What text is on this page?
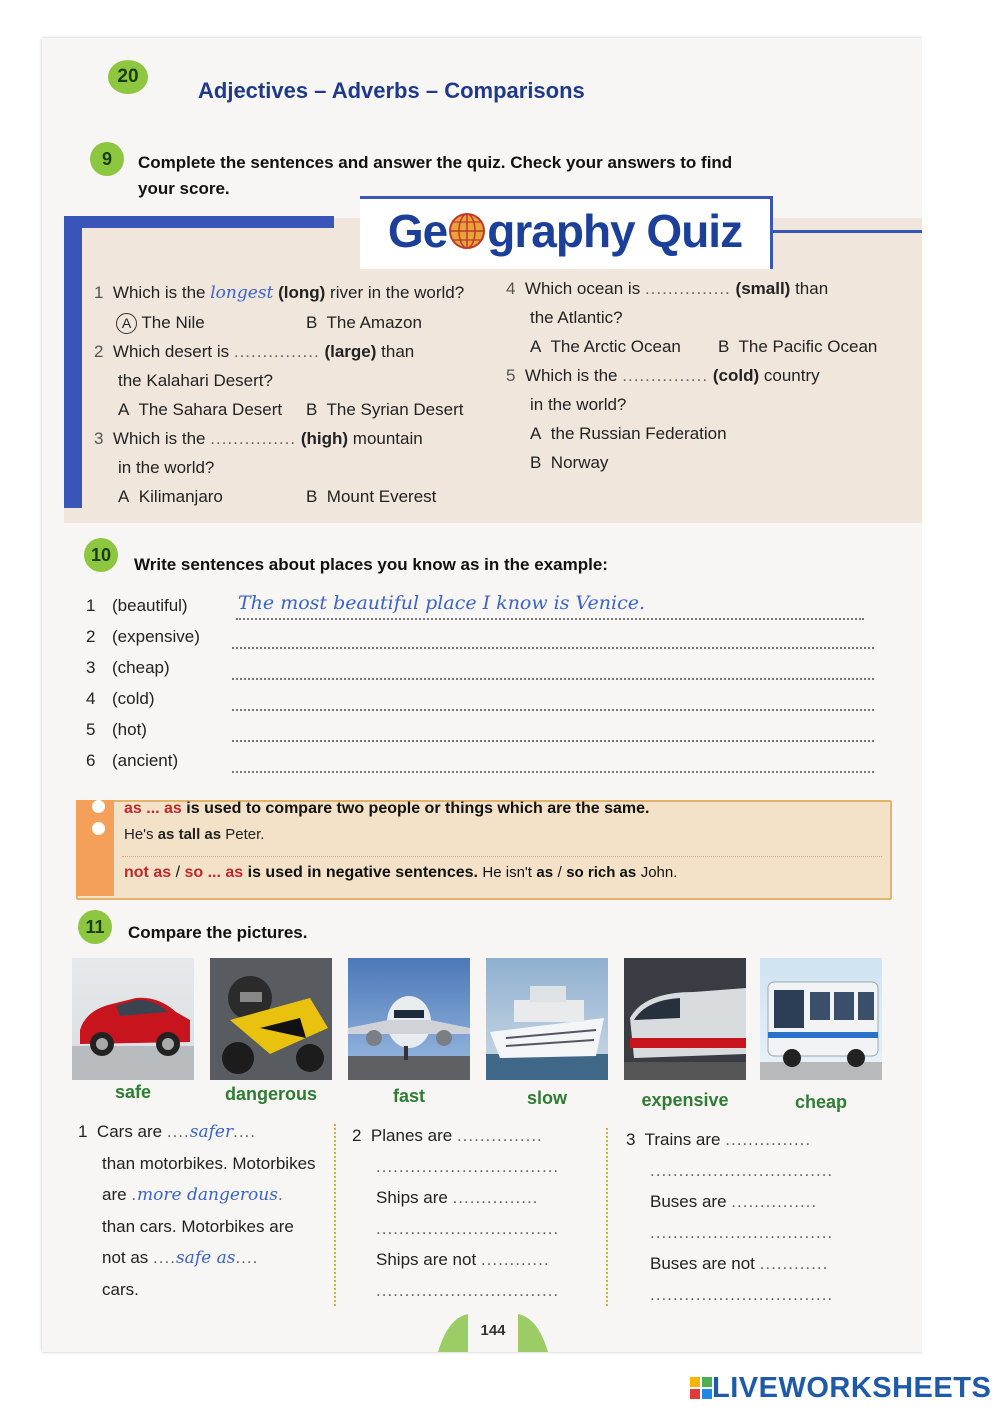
20
Adjectives – Adverbs – Comparisons
9	Complete the sentences and answer the quiz. Check your answers to find
your score.
Ge graphy Quiz
1 Which is the longest (long) river in the world?
A The Nile	B The Amazon
2 Which desert is ............... (large) than
the Kalahari Desert?
A The Sahara Desert B The Syrian Desert
3 Which is the ............... (high) mountain
in the world?
A Kilimanjaro	B Mount Everest
4 Which ocean is ............... (small) than
the Atlantic?
A The Arctic Ocean B The Pacific Ocean
5 Which is the ............... (cold) country
in the world?
A the Russian Federation
B Norway
10	Write sentences about places you know as in the example:
1 (beautiful)	The most beautiful place I know is Venice.
2 (expensive)
3 (cheap)
4 (cold)
5 (hot)
6 (ancient)
as ... as is used to compare two people or things which are the same.
He's as tall as Peter.
not as / so ... as is used in negative sentences. He isn't as / so rich as John.
11	Compare the pictures.
safe	dangerous	fast	slow	expensive	cheap
1 Cars are ....safer....
than motorbikes. Motorbikes
are .more dangerous.
than cars. Motorbikes are
not as ....safe as....
cars.
2 Planes are ...............
................................
Ships are ...............
................................
Ships are not ............
................................
3 Trains are ...............
................................
Buses are ...............
................................
Buses are not ............
................................
144
LIVEWORKSHEETS
